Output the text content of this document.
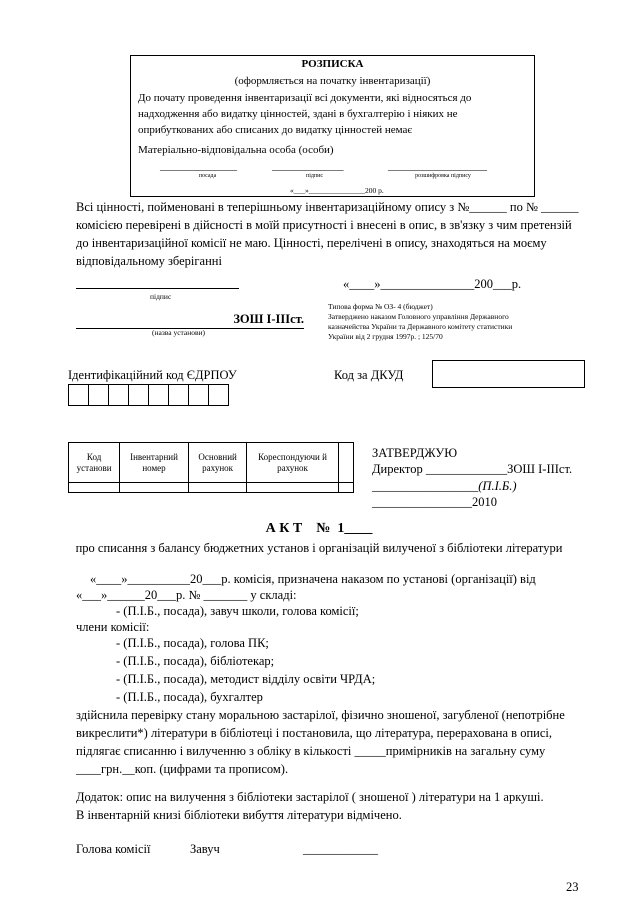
РОЗПИСКА
(оформляється на початку інвентаризації)
До почату проведення інвентаризації всі документи, які відносяться до
надходження або видатку цінностей, здані в бухгалтерію і ніяких не
оприбуткованих або списаних до видатку цінностей немає
Матеріально-відповідальна особа (особи)
______________	_____________	__________________
посада	підпис	розшифровка підпису
«___»_______________200 р.
Всі цінності, пойменовані в теперішньому інвентаризаційному опису з №______ по № ______
комісією перевірені в дійсності в моїй присутності і внесені в опис, в зв'язку з чим претензій
до інвентаризаційної комісії не маю. Цінності, перелічені в опису, знаходяться на моєму
відповідальному зберіганні
підпис
ЗОШ І-ІІІст.
(назва установи)
«____»_______________200___р.
Типова форма № ОЗ- 4 (бюджет)
Затверджено наказом Головного управління Державного
казначейства України та Державного комітету статистики
України від 2 грудня 1997р. ; 125/70
Ідентифікаційний код ЄДРПОУ	Код за ДКУД
Код установи	Інвентарний номер	Основний рахунок	Кореспондуючи й рахунок	

ЗАТВЕРДЖУЮ
Директор _____________ЗОШ І-ІІІст.
_________________(П.І.Б.)
________________2010
А К Т    №  1____
про списання з балансу бюджетних установ і організацій вилученої з бібліотеки літератури
«____»__________20___р. комісія, призначена наказом по установі (організації) від
«___»______20___р. № _______ у складі:
- (П.І.Б., посада), завуч школи, голова комісії;
члени комісії:
- (П.І.Б., посада), голова ПК;
- (П.І.Б., посада), бібліотекар;
- (П.І.Б., посада), методист відділу освіти ЧРДА;
- (П.І.Б., посада), бухгалтер
здійснила перевірку стану моральною застарілої, фізично зношеної, загубленої (непотрібне
викреслити*) літератури в бібліотеці і постановила, що література, перерахована в описі,
підлягає списанню і вилученню з обліку в кількості _____примірників на загальну суму
____грн.__коп. (цифрами та прописом).
Додаток: опис на вилучення з бібліотеки застарілої ( зношеної ) літератури на 1 аркуші.
В інвентарній книзі бібліотеки вибуття літератури відмічено.
Голова комісії	Завуч	____________
23
